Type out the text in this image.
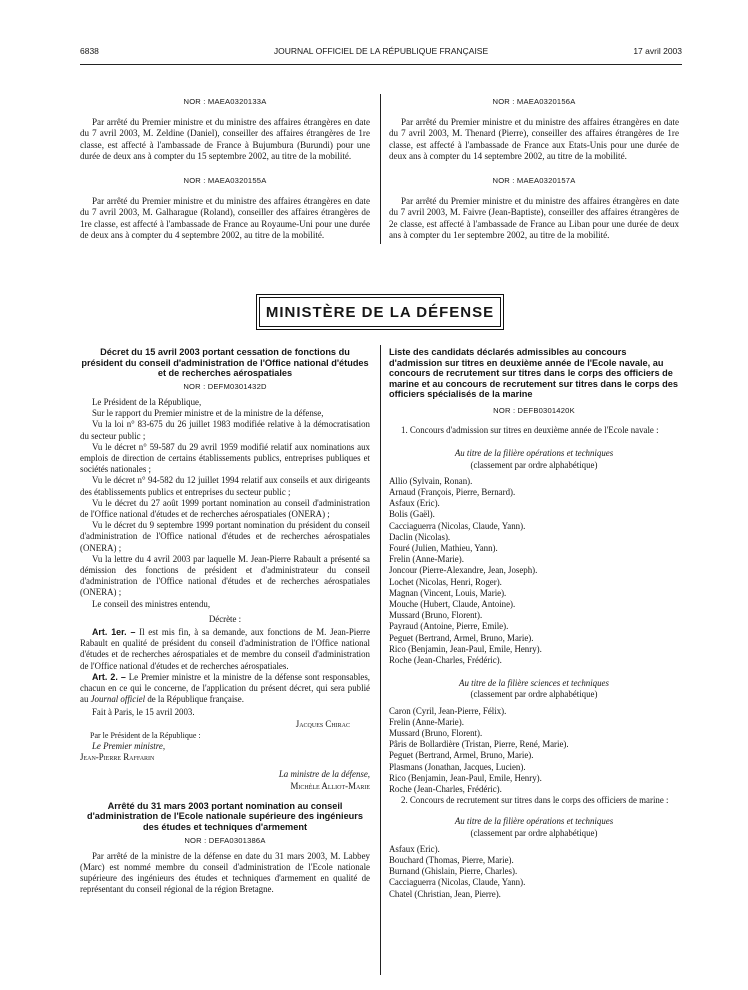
6838	JOURNAL OFFICIEL DE LA RÉPUBLIQUE FRANÇAISE	17 avril 2003
NOR : MAEA0320133A

Par arrêté du Premier ministre et du ministre des affaires étrangères en date du 7 avril 2003, M. Zeldine (Daniel), conseiller des affaires étrangères de 1re classe, est affecté à l'ambassade de France à Bujumbura (Burundi) pour une durée de deux ans à compter du 15 septembre 2002, au titre de la mobilité.

NOR : MAEA0320155A

Par arrêté du Premier ministre et du ministre des affaires étrangères en date du 7 avril 2003, M. Galharague (Roland), conseiller des affaires étrangères de 1re classe, est affecté à l'ambassade de France au Royaume-Uni pour une durée de deux ans à compter du 4 septembre 2002, au titre de la mobilité.

NOR : MAEA0320156A

Par arrêté du Premier ministre et du ministre des affaires étrangères en date du 7 avril 2003, M. Thenard (Pierre), conseiller des affaires étrangères de 1re classe, est affecté à l'ambassade de France aux Etats-Unis pour une durée de deux ans à compter du 14 septembre 2002, au titre de la mobilité.

NOR : MAEA0320157A

Par arrêté du Premier ministre et du ministre des affaires étrangères en date du 7 avril 2003, M. Faivre (Jean-Baptiste), conseiller des affaires étrangères de 2e classe, est affecté à l'ambassade de France au Liban pour une durée de deux ans à compter du 1er septembre 2002, au titre de la mobilité.

MINISTÈRE DE LA DÉFENSE
Décret du 15 avril 2003 portant cessation de fonctions du président du conseil d'administration de l'Office national d'études et de recherches aérospatiales
NOR : DEFM0301432D

Le Président de la République,

Sur le rapport du Premier ministre et de la ministre de la défense,

Vu la loi n° 83-675 du 26 juillet 1983 modifiée relative à la démocratisation du secteur public ;

Vu le décret n° 59-587 du 29 avril 1959 modifié relatif aux nominations aux emplois de direction de certains établissements publics, entreprises publiques et sociétés nationales ;

Vu le décret n° 94-582 du 12 juillet 1994 relatif aux conseils et aux dirigeants des établissements publics et entreprises du secteur public ;

Vu le décret du 27 août 1999 portant nomination au conseil d'administration de l'Office national d'études et de recherches aérospatiales (ONERA) ;

Vu le décret du 9 septembre 1999 portant nomination du président du conseil d'administration de l'Office national d'études et de recherches aérospatiales (ONERA) ;

Vu la lettre du 4 avril 2003 par laquelle M. Jean-Pierre Rabault a présenté sa démission des fonctions de président et d'administrateur du conseil d'administration de l'Office national d'études et de recherches aérospatiales (ONERA) ;

Le conseil des ministres entendu,

Décrète :

Art. 1er. – Il est mis fin, à sa demande, aux fonctions de M. Jean-Pierre Rabault en qualité de président du conseil d'administration de l'Office national d'études et de recherches aérospatiales et de membre du conseil d'administration de l'Office national d'études et de recherches aérospatiales.

Art. 2. – Le Premier ministre et la ministre de la défense sont responsables, chacun en ce qui le concerne, de l'application du présent décret, qui sera publié au Journal officiel de la République française.

Fait à Paris, le 15 avril 2003.

Jacques Chirac

Par le Président de la République :

Le Premier ministre,

Jean-Pierre Raffarin

La ministre de la défense,

Michèle Alliot-Marie

Arrêté du 31 mars 2003 portant nomination au conseil d'administration de l'Ecole nationale supérieure des ingénieurs des études et techniques d'armement
NOR : DEFA0301386A

Par arrêté de la ministre de la défense en date du 31 mars 2003, M. Labbey (Marc) est nommé membre du conseil d'administration de l'Ecole nationale supérieure des ingénieurs des études et techniques d'armement en qualité de représentant du conseil régional de la région Bretagne.

Liste des candidats déclarés admissibles au concours d'admission sur titres en deuxième année de l'Ecole navale, au concours de recrutement sur titres dans le corps des officiers de marine et au concours de recrutement sur titres dans le corps des officiers spécialisés de la marine
NOR : DEFB0301420K

1. Concours d'admission sur titres en deuxième année de l'Ecole navale :

Au titre de la filière opérations et techniques

(classement par ordre alphabétique)

Allio (Sylvain, Ronan).

Arnaud (François, Pierre, Bernard).

Asfaux (Eric).

Bolis (Gaël).

Cacciaguerra (Nicolas, Claude, Yann).

Daclin (Nicolas).

Fouré (Julien, Mathieu, Yann).

Frelin (Anne-Marie).

Joncour (Pierre-Alexandre, Jean, Joseph).

Lochet (Nicolas, Henri, Roger).

Magnan (Vincent, Louis, Marie).

Mouche (Hubert, Claude, Antoine).

Mussard (Bruno, Florent).

Payraud (Antoine, Pierre, Emile).

Peguet (Bertrand, Armel, Bruno, Marie).

Rico (Benjamin, Jean-Paul, Emile, Henry).

Roche (Jean-Charles, Frédéric).

Au titre de la filière sciences et techniques

(classement par ordre alphabétique)

Caron (Cyril, Jean-Pierre, Félix).

Frelin (Anne-Marie).

Mussard (Bruno, Florent).

Pâris de Bollardière (Tristan, Pierre, René, Marie).

Peguet (Bertrand, Armel, Bruno, Marie).

Plasmans (Jonathan, Jacques, Lucien).

Rico (Benjamin, Jean-Paul, Emile, Henry).

Roche (Jean-Charles, Frédéric).

2. Concours de recrutement sur titres dans le corps des officiers de marine :

Au titre de la filière opérations et techniques

(classement par ordre alphabétique)

Asfaux (Eric).

Bouchard (Thomas, Pierre, Marie).

Burnand (Ghislain, Pierre, Charles).

Cacciaguerra (Nicolas, Claude, Yann).

Chatel (Christian, Jean, Pierre).
